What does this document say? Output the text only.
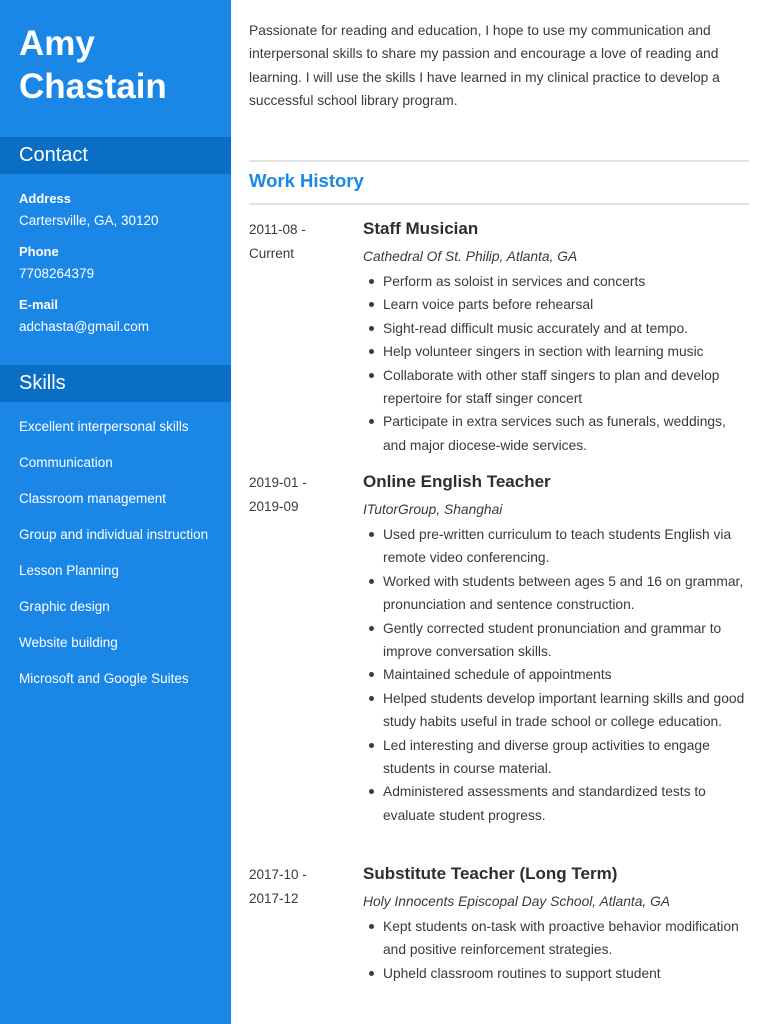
Amy
Chastain
Contact
Address
Cartersville, GA, 30120
Phone
7708264379
E-mail
adchasta@gmail.com
Skills
Excellent interpersonal skills
Communication
Classroom management
Group and individual instruction
Lesson Planning
Graphic design
Website building
Microsoft and Google Suites

Passionate for reading and education, I hope to use my communication and interpersonal skills to share my passion and encourage a love of reading and learning. I will use the skills I have learned in my clinical practice to develop a successful school library program.

Work History
2011-08 -
Current
Staff Musician
Cathedral Of St. Philip, Atlanta, GA
Perform as soloist in services and concerts
Learn voice parts before rehearsal
Sight-read difficult music accurately and at tempo.
Help volunteer singers in section with learning music
Collaborate with other staff singers to plan and develop repertoire for staff singer concert
Participate in extra services such as funerals, weddings, and major diocese-wide services.
2019-01 -
2019-09
Online English Teacher
ITutorGroup, Shanghai
Used pre-written curriculum to teach students English via remote video conferencing.
Worked with students between ages 5 and 16 on grammar, pronunciation and sentence construction.
Gently corrected student pronunciation and grammar to improve conversation skills.
Maintained schedule of appointments
Helped students develop important learning skills and good study habits useful in trade school or college education.
Led interesting and diverse group activities to engage students in course material.
Administered assessments and standardized tests to evaluate student progress.
2017-10 -
2017-12
Substitute Teacher (Long Term)
Holy Innocents Episcopal Day School, Atlanta, GA
Kept students on-task with proactive behavior modification and positive reinforcement strategies.
Upheld classroom routines to support student
